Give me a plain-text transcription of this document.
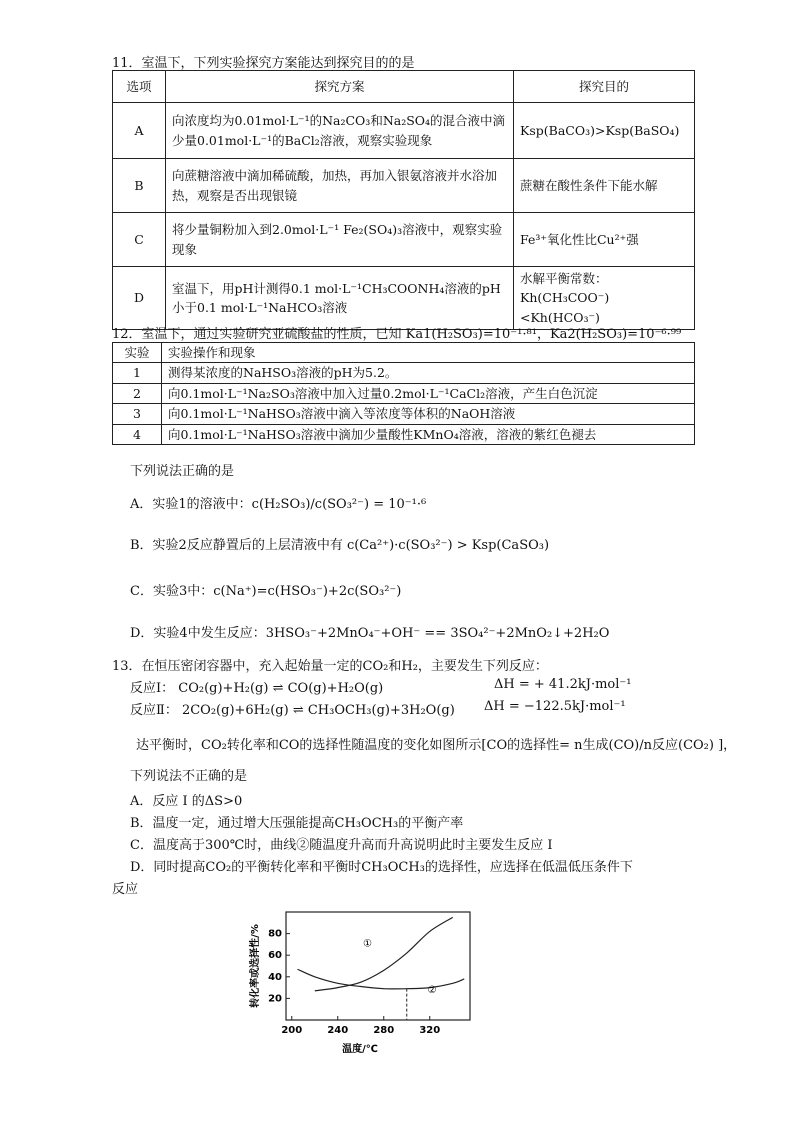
11．室温下，下列实验探究方案能达到探究目的的是
选项	探究方案	探究目的
A	向浓度均为0.01mol·L⁻¹的Na₂CO₃和Na₂SO₄的混合液中滴少量0.01mol·L⁻¹的BaCl₂溶液，观察实验现象	Ksp(BaCO₃)>Ksp(BaSO₄)
B	向蔗糖溶液中滴加稀硫酸，加热，再加入银氨溶液并水浴加热，观察是否出现银镜	蔗糖在酸性条件下能水解
C	将少量铜粉加入到2.0mol·L⁻¹ Fe₂(SO₄)₃溶液中，观察实验现象	Fe³⁺氧化性比Cu²⁺强
D	室温下，用pH计测得0.1 mol·L⁻¹CH₃COONH₄溶液的pH小于0.1 mol·L⁻¹NaHCO₃溶液	水解平衡常数：Kh(CH₃COO⁻)<Kh(HCO₃⁻)
12．室温下，通过实验研究亚硫酸盐的性质，已知 Ka1(H₂SO₃)=10⁻¹·⁸¹，Ka2(H₂SO₃)=10⁻⁶·⁹⁹
实验	实验操作和现象
1	测得某浓度的NaHSO₃溶液的pH为5.2。
2	向0.1mol·L⁻¹Na₂SO₃溶液中加入过量0.2mol·L⁻¹CaCl₂溶液，产生白色沉淀
3	向0.1mol·L⁻¹NaHSO₃溶液中滴入等浓度等体积的NaOH溶液
4	向0.1mol·L⁻¹NaHSO₃溶液中滴加少量酸性KMnO₄溶液，溶液的紫红色褪去
下列说法正确的是
A．实验1的溶液中：c(H₂SO₃)/c(SO₃²⁻) = 10⁻¹·⁶
B．实验2反应静置后的上层清液中有 c(Ca²⁺)·c(SO₃²⁻) > Ksp(CaSO₃)
C．实验3中：c(Na⁺)=c(HSO₃⁻)+2c(SO₃²⁻)
D．实验4中发生反应：3HSO₃⁻+2MnO₄⁻+OH⁻ == 3SO₄²⁻+2MnO₂↓+2H₂O
13．在恒压密闭容器中，充入起始量一定的CO₂和H₂，主要发生下列反应：
反应Ⅰ： CO₂(g)+H₂(g) ⇌ CO(g)+H₂O(g)	ΔH = + 41.2kJ·mol⁻¹
反应Ⅱ： 2CO₂(g)+6H₂(g) ⇌ CH₃OCH₃(g)+3H₂O(g) ΔH = −122.5kJ·mol⁻¹
达平衡时，CO₂转化率和CO的选择性随温度的变化如图所示[CO的选择性= n生成(CO)/n反应(CO₂) ]，
下列说法不正确的是
A．反应 Ⅰ 的ΔS>0
B．温度一定，通过增大压强能提高CH₃OCH₃的平衡产率
C．温度高于300℃时，曲线②随温度升高而升高说明此时主要发生反应 Ⅰ
D．同时提高CO₂的平衡转化率和平衡时CH₃OCH₃的选择性，应选择在低温低压条件下
反应
20
40
60
80
200	240	280	320
①
②
温度/℃
转化率或选择性/%
